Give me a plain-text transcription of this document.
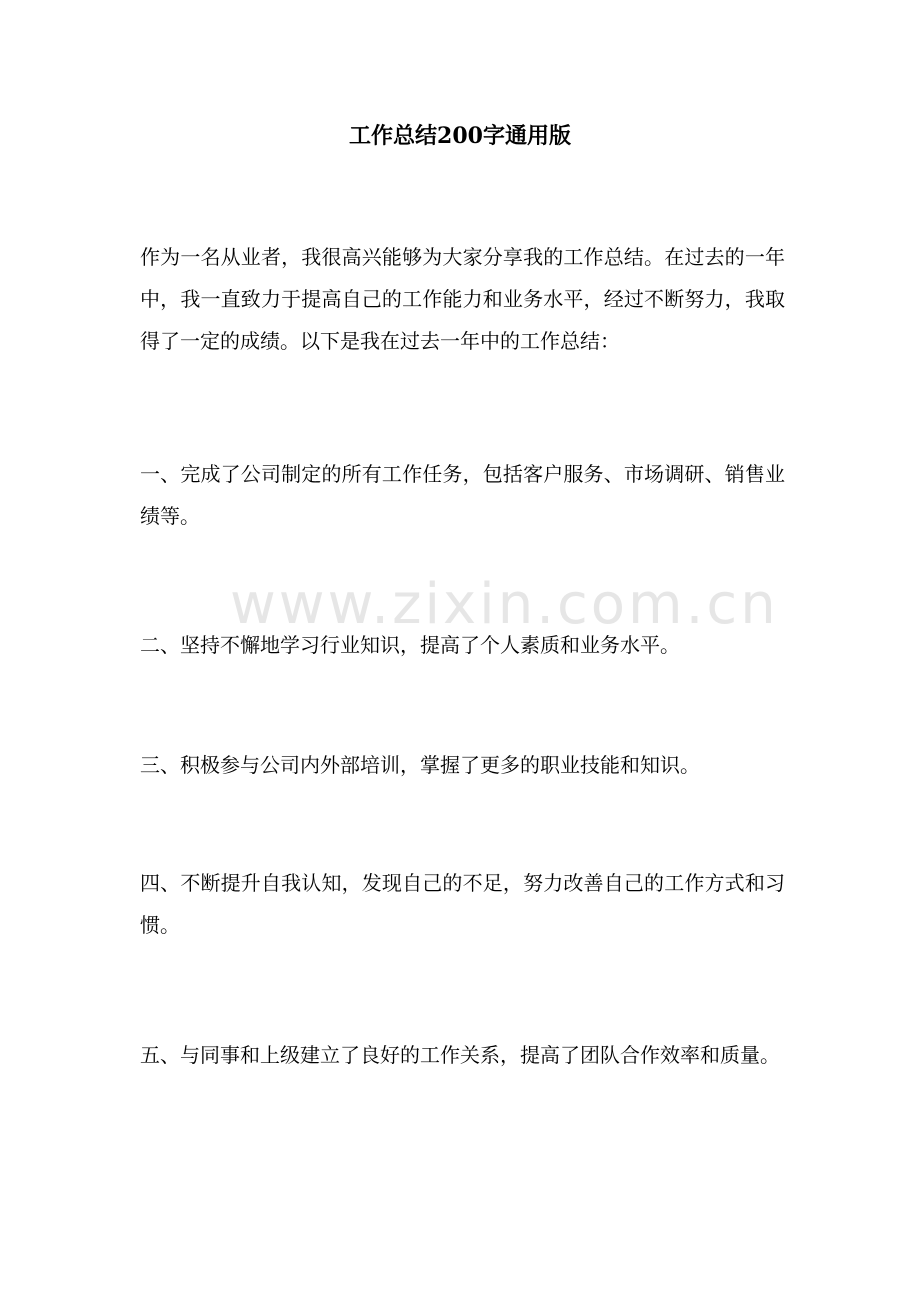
www.zixin.com.cn
工作总结200字通用版
作为一名从业者，我很高兴能够为大家分享我的工作总结。在过去的一年中，我一直致力于提高自己的工作能力和业务水平，经过不断努力，我取得了一定的成绩。以下是我在过去一年中的工作总结：
一、完成了公司制定的所有工作任务，包括客户服务、市场调研、销售业绩等。
二、坚持不懈地学习行业知识，提高了个人素质和业务水平。
三、积极参与公司内外部培训，掌握了更多的职业技能和知识。
四、不断提升自我认知，发现自己的不足，努力改善自己的工作方式和习惯。
五、与同事和上级建立了良好的工作关系，提高了团队合作效率和质量。
